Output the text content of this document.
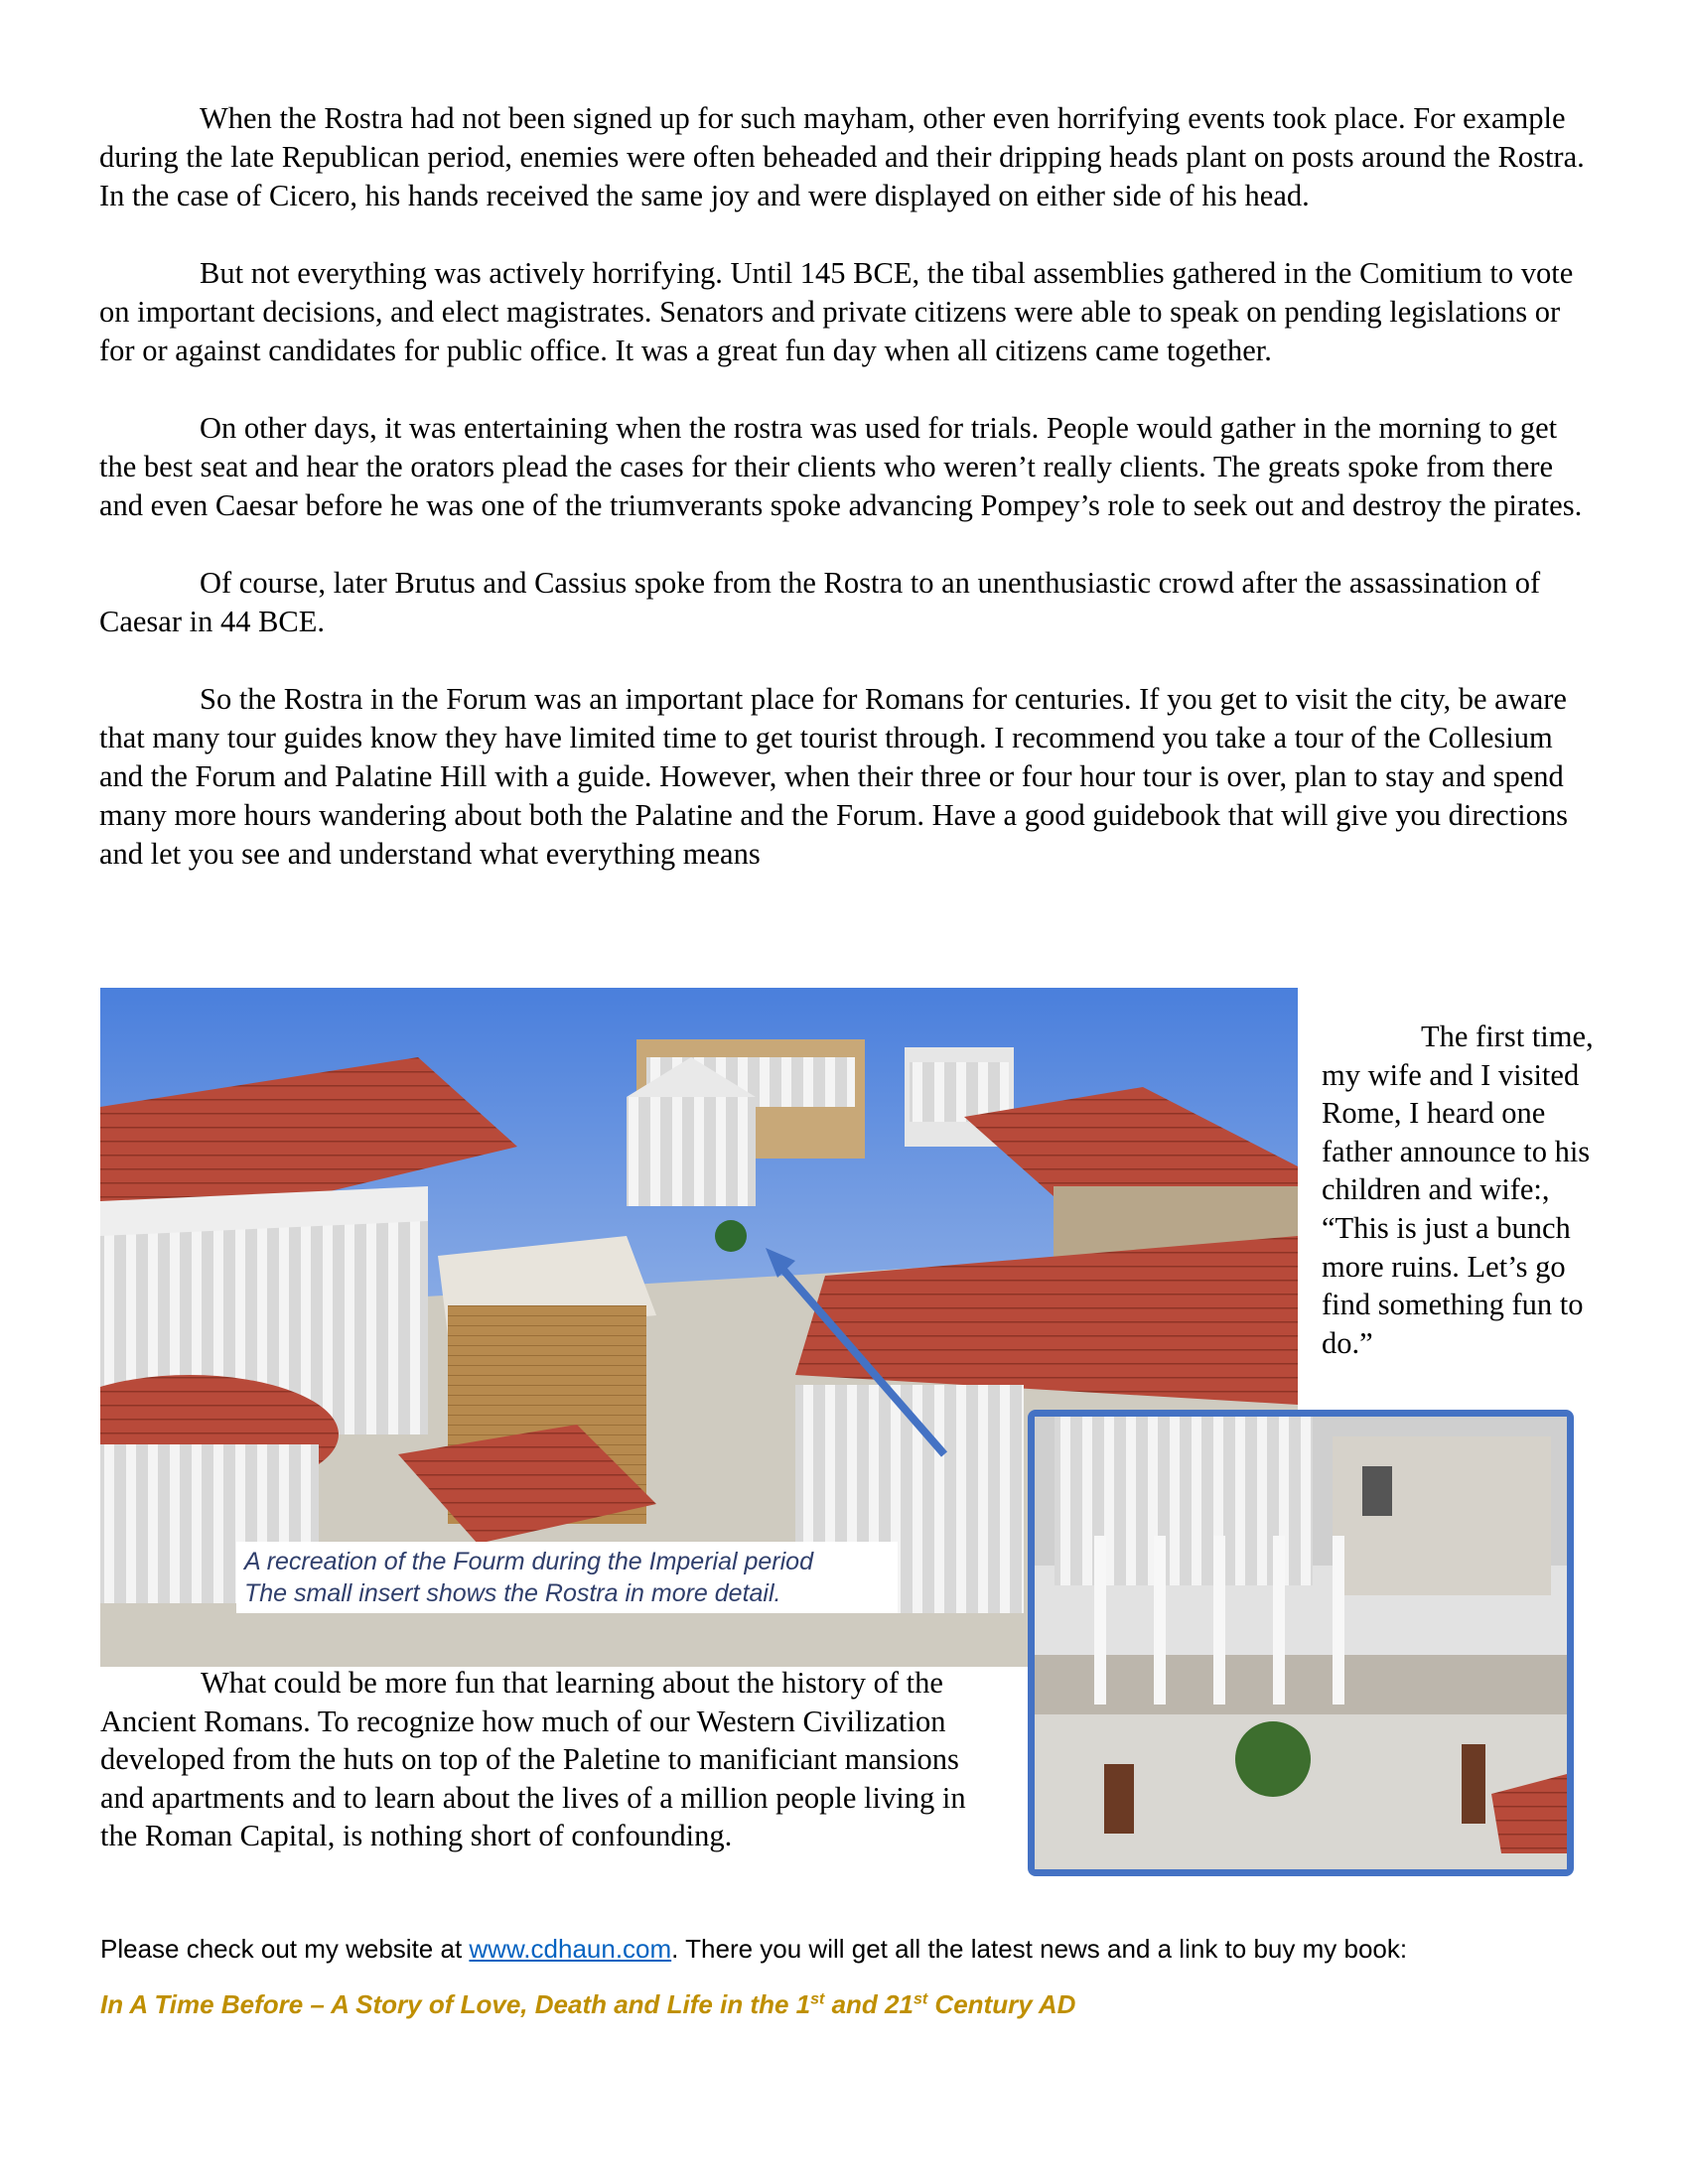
When the Rostra had not been signed up for such mayham, other even horrifying events took place. For example during the late Republican period, enemies were often beheaded and their dripping heads plant on posts around the Rostra. In the case of Cicero, his hands received the same joy and were displayed on either side of his head.

But not everything was actively horrifying. Until 145 BCE, the tibal assemblies gathered in the Comitium to vote on important decisions, and elect magistrates. Senators and private citizens were able to speak on pending legislations or for or against candidates for public office. It was a great fun day when all citizens came together.

On other days, it was entertaining when the rostra was used for trials. People would gather in the morning to get the best seat and hear the orators plead the cases for their clients who weren’t really clients. The greats spoke from there and even Caesar before he was one of the triumverants spoke advancing Pompey’s role to seek out and destroy the pirates.

Of course, later Brutus and Cassius spoke from the Rostra to an unenthusiastic crowd after the assassination of Caesar in 44 BCE.

So the Rostra in the Forum was an important place for Romans for centuries. If you get to visit the city, be aware that many tour guides know they have limited time to get tourist through. I recommend you take a tour of the Collesium and the Forum and Palatine Hill with a guide. However, when their three or four hour tour is over, plan to stay and spend many more hours wandering about both the Palatine and the Forum. Have a good guidebook that will give you directions and let you see and understand what everything means

A recreation of the Fourm during the Imperial period
The small insert shows the Rostra in more detail.
The first time, my wife and I visited Rome, I heard one father announce to his children and wife:, “This is just a bunch more ruins. Let’s go find something fun to do.”

What could be more fun that learning about the history of the Ancient Romans. To recognize how much of our Western Civilization developed from the huts on top of the Paletine to manificiant mansions and apartments and to learn about the lives of a million people living in the Roman Capital, is nothing short of confounding.

Please check out my website at www.cdhaun.com. There you will get all the latest news and a link to buy my book:
In A Time Before – A Story of Love, Death and Life in the 1st and 21st Century AD
